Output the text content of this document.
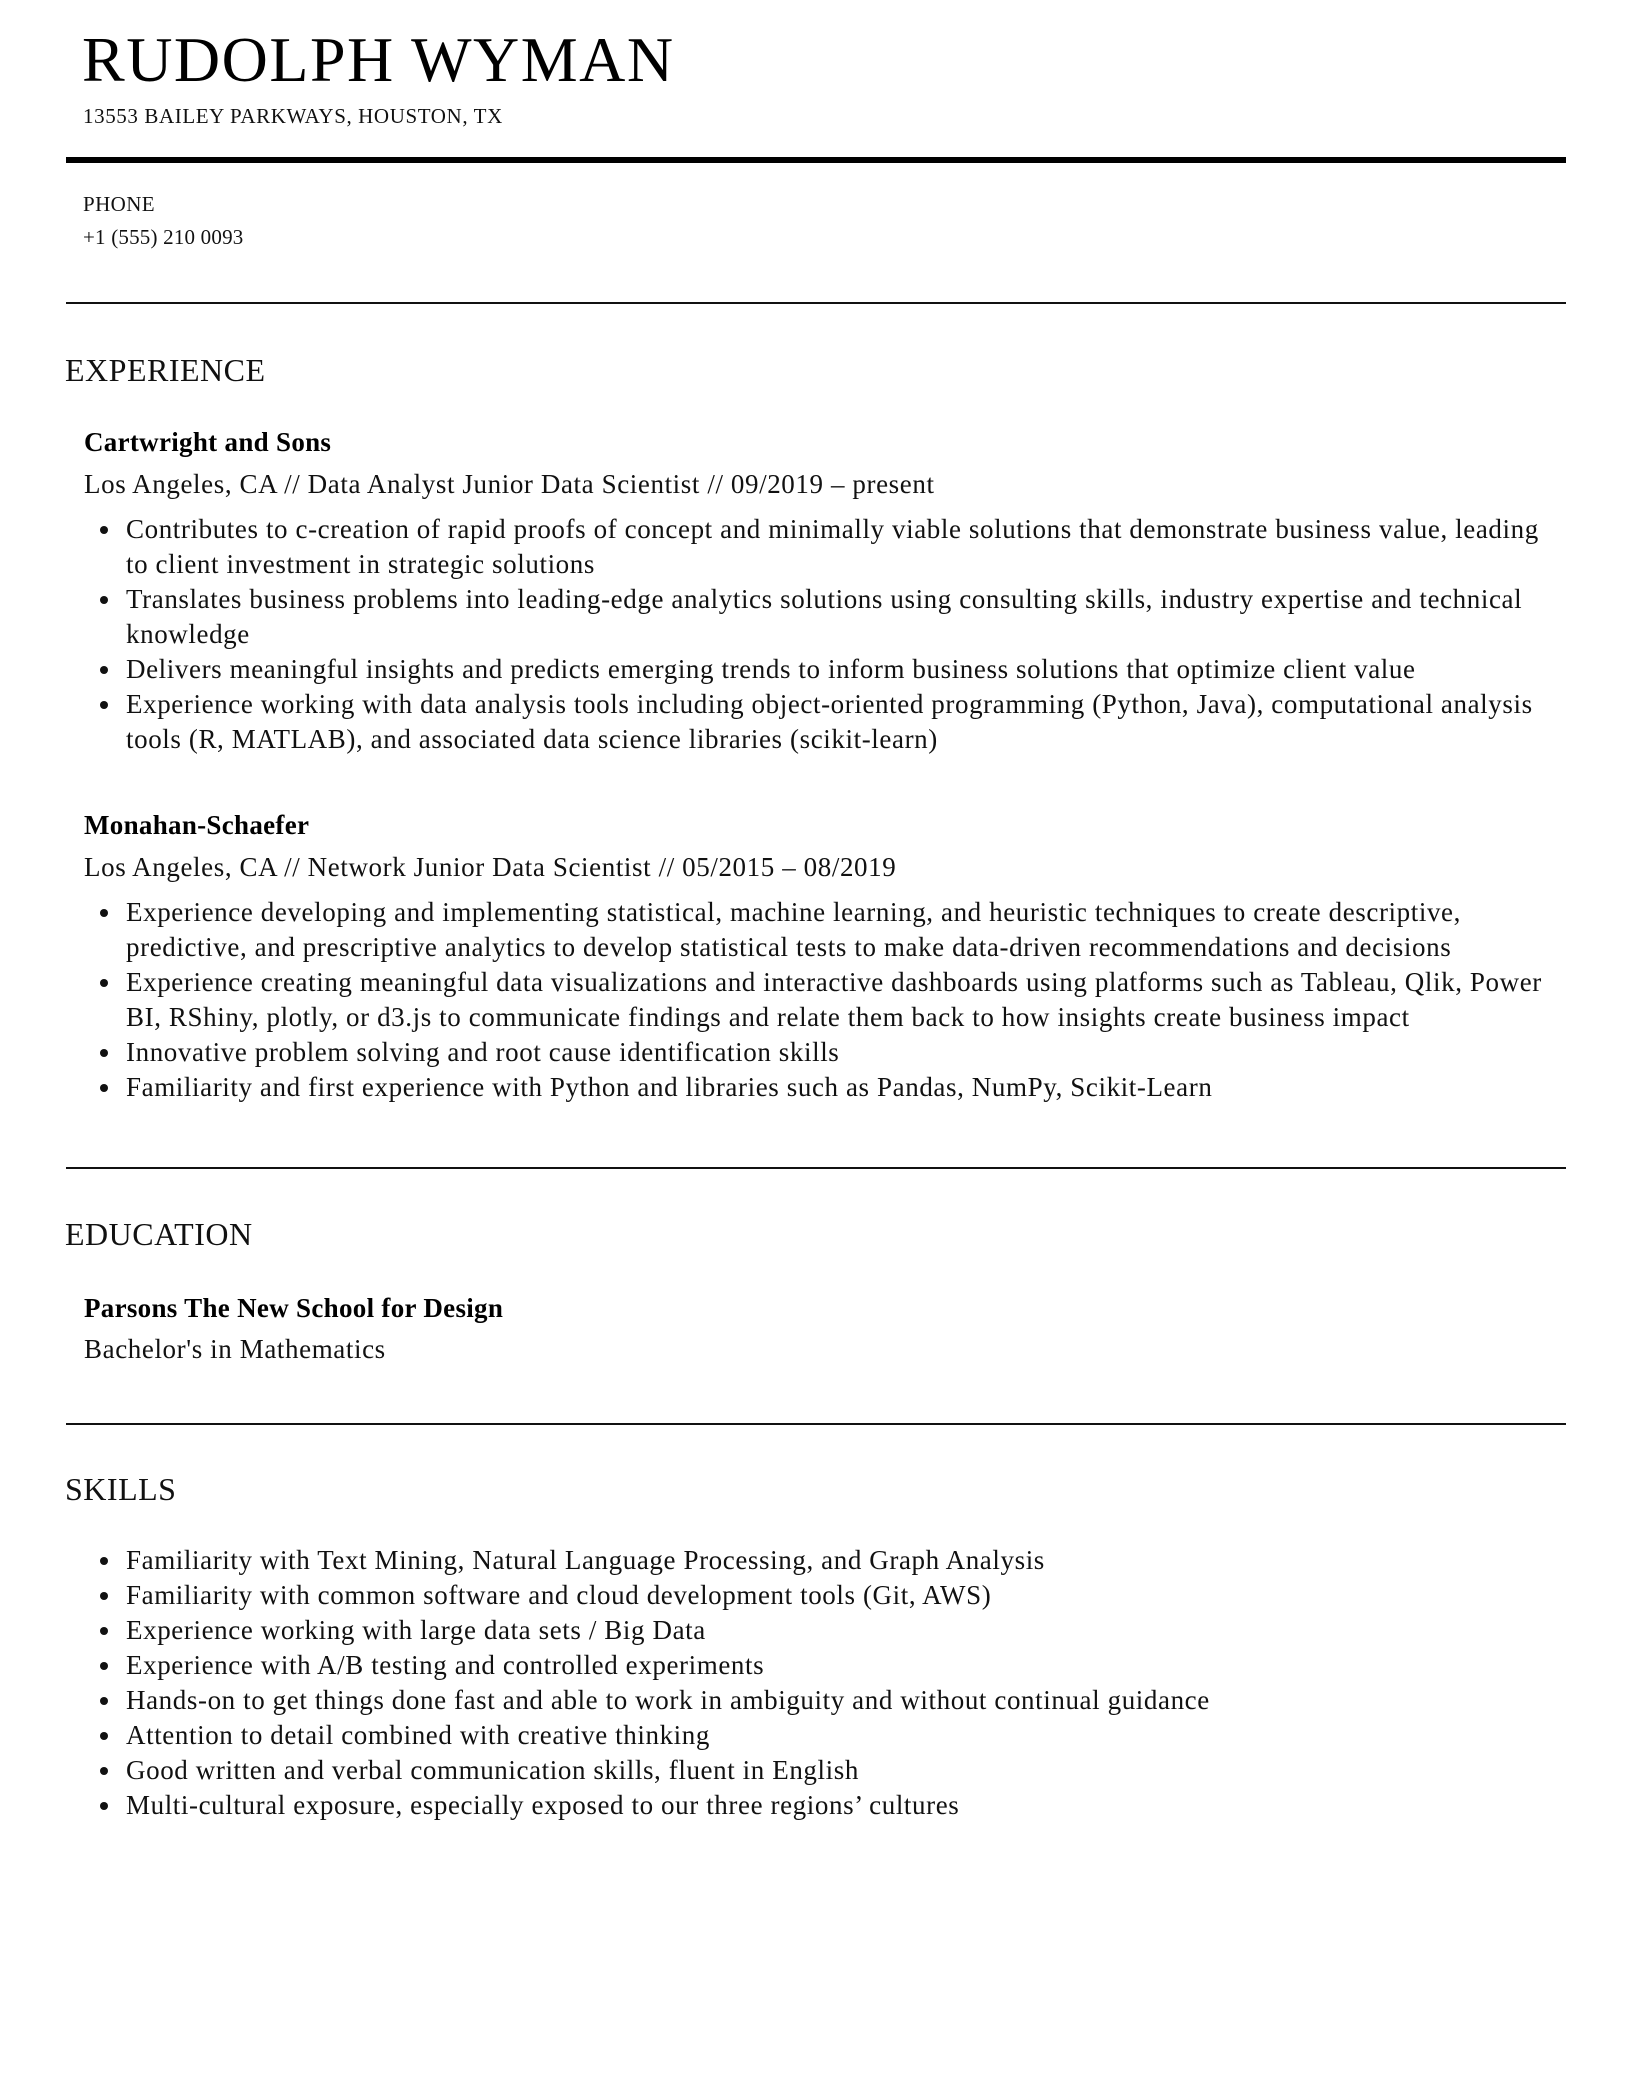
RUDOLPH WYMAN
13553 BAILEY PARKWAYS, HOUSTON, TX
PHONE
+1 (555) 210 0093
EXPERIENCE
Cartwright and Sons
Los Angeles, CA // Data Analyst Junior Data Scientist // 09/2019 – present
Contributes to c-creation of rapid proofs of concept and minimally viable solutions that demonstrate business value, leading to client investment in strategic solutions
Translates business problems into leading-edge analytics solutions using consulting skills, industry expertise and technical knowledge
Delivers meaningful insights and predicts emerging trends to inform business solutions that optimize client value
Experience working with data analysis tools including object-oriented programming (Python, Java), computational analysis tools (R, MATLAB), and associated data science libraries (scikit-learn)
Monahan-Schaefer
Los Angeles, CA // Network Junior Data Scientist // 05/2015 – 08/2019
Experience developing and implementing statistical, machine learning, and heuristic techniques to create descriptive, predictive, and prescriptive analytics to develop statistical tests to make data-driven recommendations and decisions
Experience creating meaningful data visualizations and interactive dashboards using platforms such as Tableau, Qlik, Power BI, RShiny, plotly, or d3.js to communicate findings and relate them back to how insights create business impact
Innovative problem solving and root cause identification skills
Familiarity and first experience with Python and libraries such as Pandas, NumPy, Scikit-Learn
EDUCATION
Parsons The New School for Design
Bachelor's in Mathematics
SKILLS
Familiarity with Text Mining, Natural Language Processing, and Graph Analysis
Familiarity with common software and cloud development tools (Git, AWS)
Experience working with large data sets / Big Data
Experience with A/B testing and controlled experiments
Hands-on to get things done fast and able to work in ambiguity and without continual guidance
Attention to detail combined with creative thinking
Good written and verbal communication skills, fluent in English
Multi-cultural exposure, especially exposed to our three regions’ cultures
